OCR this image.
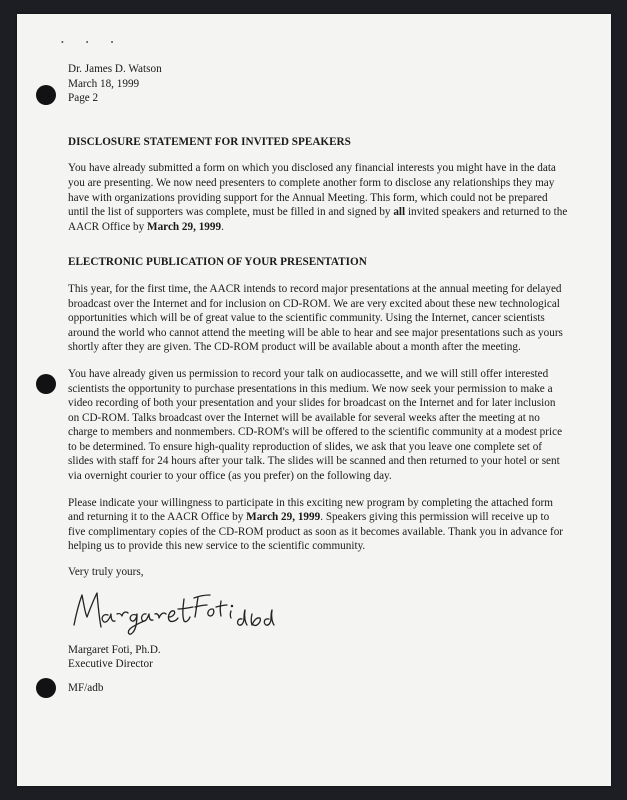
• • •

Dr. James D. Watson

March 18, 1999

Page 2

DISCLOSURE STATEMENT FOR INVITED SPEAKERS

You have already submitted a form on which you disclosed any financial interests you might have in the data you are presenting. We now need presenters to complete another form to disclose any relationships they may have with organizations providing support for the Annual Meeting. This form, which could not be prepared until the list of supporters was complete, must be filled in and signed by all invited speakers and returned to the AACR Office by March 29, 1999.

ELECTRONIC PUBLICATION OF YOUR PRESENTATION

This year, for the first time, the AACR intends to record major presentations at the annual meeting for delayed broadcast over the Internet and for inclusion on CD-ROM. We are very excited about these new technological opportunities which will be of great value to the scientific community. Using the Internet, cancer scientists around the world who cannot attend the meeting will be able to hear and see major presentations such as yours shortly after they are given. The CD-ROM product will be available about a month after the meeting.

You have already given us permission to record your talk on audiocassette, and we will still offer interested scientists the opportunity to purchase presentations in this medium. We now seek your permission to make a video recording of both your presentation and your slides for broadcast on the Internet and for later inclusion on CD-ROM. Talks broadcast over the Internet will be available for several weeks after the meeting at no charge to members and nonmembers. CD-ROM's will be offered to the scientific community at a modest price to be determined. To ensure high-quality reproduction of slides, we ask that you leave one complete set of slides with staff for 24 hours after your talk. The slides will be scanned and then returned to your hotel or sent via overnight courier to your office (as you prefer) on the following day.

Please indicate your willingness to participate in this exciting new program by completing the attached form and returning it to the AACR Office by March 29, 1999. Speakers giving this permission will receive up to five complimentary copies of the CD-ROM product as soon as it becomes available. Thank you in advance for helping us to provide this new service to the scientific community.

Very truly yours,

Margaret Foti, Ph.D.

Executive Director

MF/adb
